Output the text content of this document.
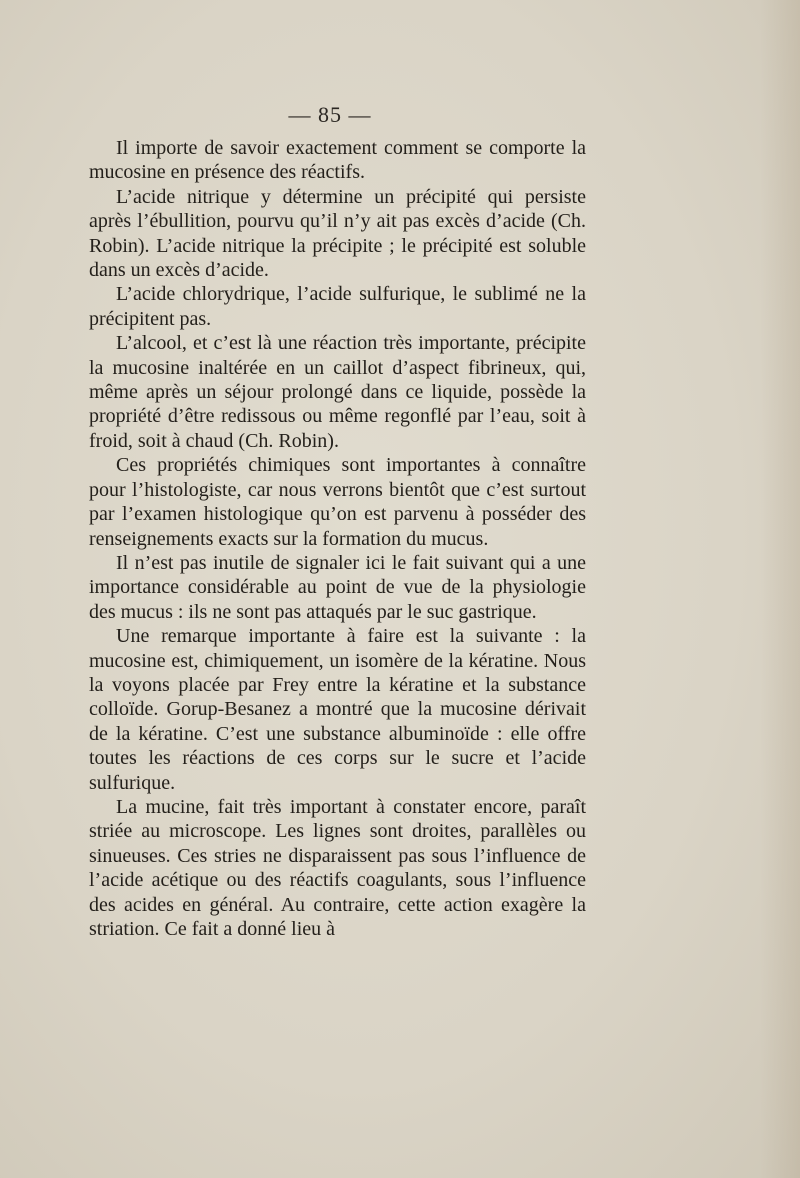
— 85 —

Il importe de savoir exactement comment se comporte la mucosine en présence des réactifs.

L’acide nitrique y détermine un précipité qui persiste après l’ébullition, pourvu qu’il n’y ait pas excès d’acide (Ch. Robin). L’acide nitrique la précipite ; le précipité est soluble dans un excès d’acide.

L’acide chlorydrique, l’acide sulfurique, le sublimé ne la précipitent pas.

L’alcool, et c’est là une réaction très importante, précipite la mucosine inaltérée en un caillot d’aspect fibrineux, qui, même après un séjour prolongé dans ce liquide, possède la propriété d’être redissous ou même regonflé par l’eau, soit à froid, soit à chaud (Ch. Robin).

Ces propriétés chimiques sont importantes à connaître pour l’histologiste, car nous verrons bientôt que c’est surtout par l’examen histologique qu’on est parvenu à posséder des renseignements exacts sur la formation du mucus.

Il n’est pas inutile de signaler ici le fait suivant qui a une importance considérable au point de vue de la physiologie des mucus : ils ne sont pas attaqués par le suc gastrique.

Une remarque importante à faire est la suivante : la mucosine est, chimiquement, un isomère de la kératine. Nous la voyons placée par Frey entre la kératine et la substance colloïde. Gorup-Besanez a montré que la mucosine dérivait de la kératine. C’est une substance albuminoïde : elle offre toutes les réactions de ces corps sur le sucre et l’acide sulfurique.

La mucine, fait très important à constater encore, paraît striée au microscope. Les lignes sont droites, parallèles ou sinueuses. Ces stries ne disparaissent pas sous l’influence de l’acide acétique ou des réactifs coagulants, sous l’influence des acides en général. Au contraire, cette action exagère la striation. Ce fait a donné lieu à
